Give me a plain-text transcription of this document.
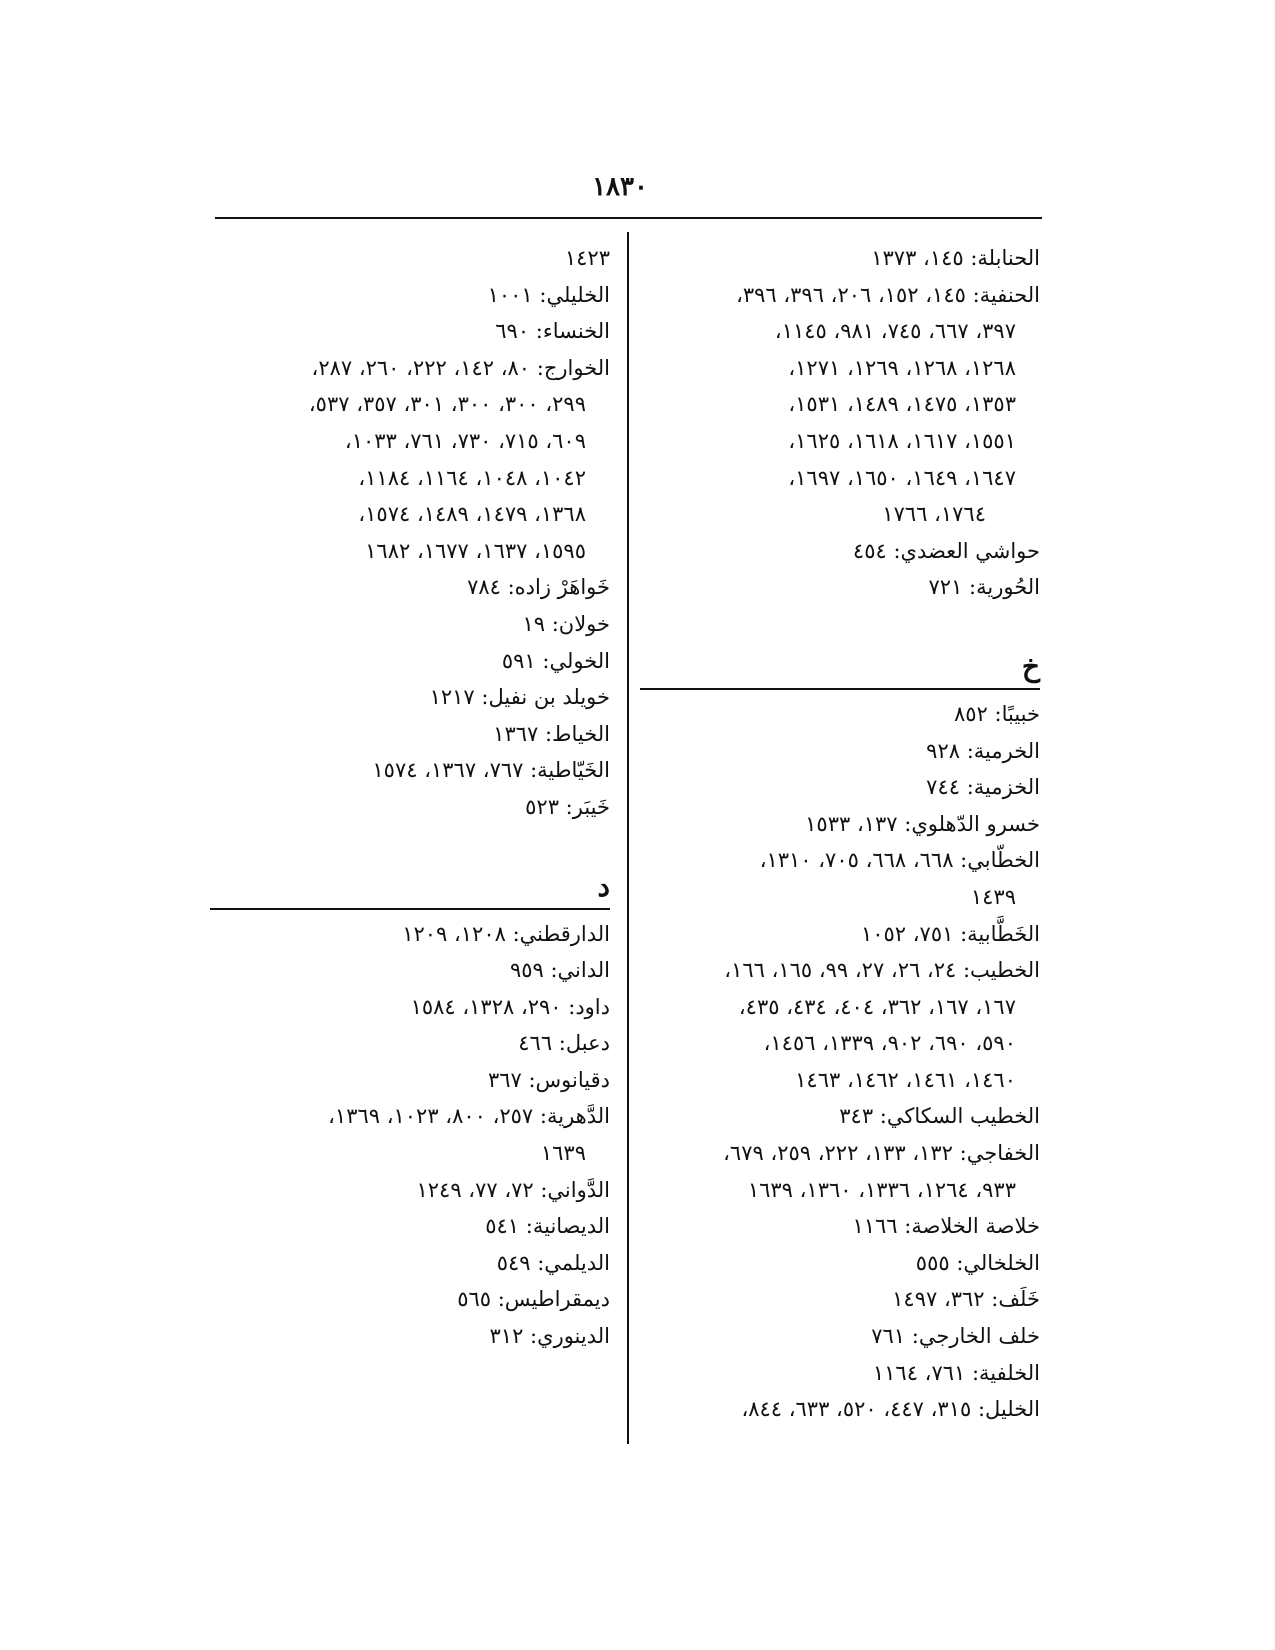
١٨٣٠
الحنابلة: ١٤٥، ١٣٧٣
الحنفية: ١٤٥، ١٥٢، ٢٠٦، ٣٩٦، ٣٩٦،
٣٩٧، ٦٦٧، ٧٤٥، ٩٨١، ١١٤٥،
١٢٦٨، ١٢٦٨، ١٢٦٩، ١٢٧١،
١٣٥٣، ١٤٧٥، ١٤٨٩، ١٥٣١،
١٥٥١، ١٦١٧، ١٦١٨، ١٦٢٥،
١٦٤٧، ١٦٤٩، ١٦٥٠، ١٦٩٧،
١٧٦٤، ١٧٦٦
حواشي العضدي: ٤٥٤
الحُورية: ٧٢١
خ
خبيبًا: ٨٥٢
الخرمية: ٩٢٨
الخزمية: ٧٤٤
خسرو الدّهلوي: ١٣٧، ١٥٣٣
الخطّابي: ٦٦٨، ٦٦٨، ٧٠٥، ١٣١٠،
١٤٣٩
الخَطَّابية: ٧٥١، ١٠٥٢
الخطيب: ٢٤، ٢٦، ٢٧، ٩٩، ١٦٥، ١٦٦،
١٦٧، ١٦٧، ٣٦٢، ٤٠٤، ٤٣٤، ٤٣٥،
٥٩٠، ٦٩٠، ٩٠٢، ١٣٣٩، ١٤٥٦،
١٤٦٠، ١٤٦١، ١٤٦٢، ١٤٦٣
الخطيب السكاكي: ٣٤٣
الخفاجي: ١٣٢، ١٣٣، ٢٢٢، ٢٥٩، ٦٧٩،
٩٣٣، ١٢٦٤، ١٣٣٦، ١٣٦٠، ١٦٣٩
خلاصة الخلاصة: ١١٦٦
الخلخالي: ٥٥٥
خَلَف: ٣٦٢، ١٤٩٧
خلف الخارجي: ٧٦١
الخلفية: ٧٦١، ١١٦٤
الخليل: ٣١٥، ٤٤٧، ٥٢٠، ٦٣٣، ٨٤٤،
١٤٢٣
الخليلي: ١٠٠١
الخنساء: ٦٩٠
الخوارج: ٨٠، ١٤٢، ٢٢٢، ٢٦٠، ٢٨٧،
٢٩٩، ٣٠٠، ٣٠٠، ٣٠١، ٣٥٧، ٥٣٧،
٦٠٩، ٧١٥، ٧٣٠، ٧٦١، ١٠٣٣،
١٠٤٢، ١٠٤٨، ١١٦٤، ١١٨٤،
١٣٦٨، ١٤٧٩، ١٤٨٩، ١٥٧٤،
١٥٩٥، ١٦٣٧، ١٦٧٧، ١٦٨٢
خَواهَرْ زاده: ٧٨٤
خولان: ١٩
الخولي: ٥٩١
خويلد بن نفيل: ١٢١٧
الخياط: ١٣٦٧
الخَيّاطية: ٧٦٧، ١٣٦٧، ١٥٧٤
خَيبَر: ٥٢٣
د
الدارقطني: ١٢٠٨، ١٢٠٩
الداني: ٩٥٩
داود: ٢٩٠، ١٣٢٨، ١٥٨٤
دعبل: ٤٦٦
دقيانوس: ٣٦٧
الدَّهرية: ٢٥٧، ٨٠٠، ١٠٢٣، ١٣٦٩،
١٦٣٩
الدَّواني: ٧٢، ٧٧، ١٢٤٩
الديصانية: ٥٤١
الديلمي: ٥٤٩
ديمقراطيس: ٥٦٥
الدينوري: ٣١٢
